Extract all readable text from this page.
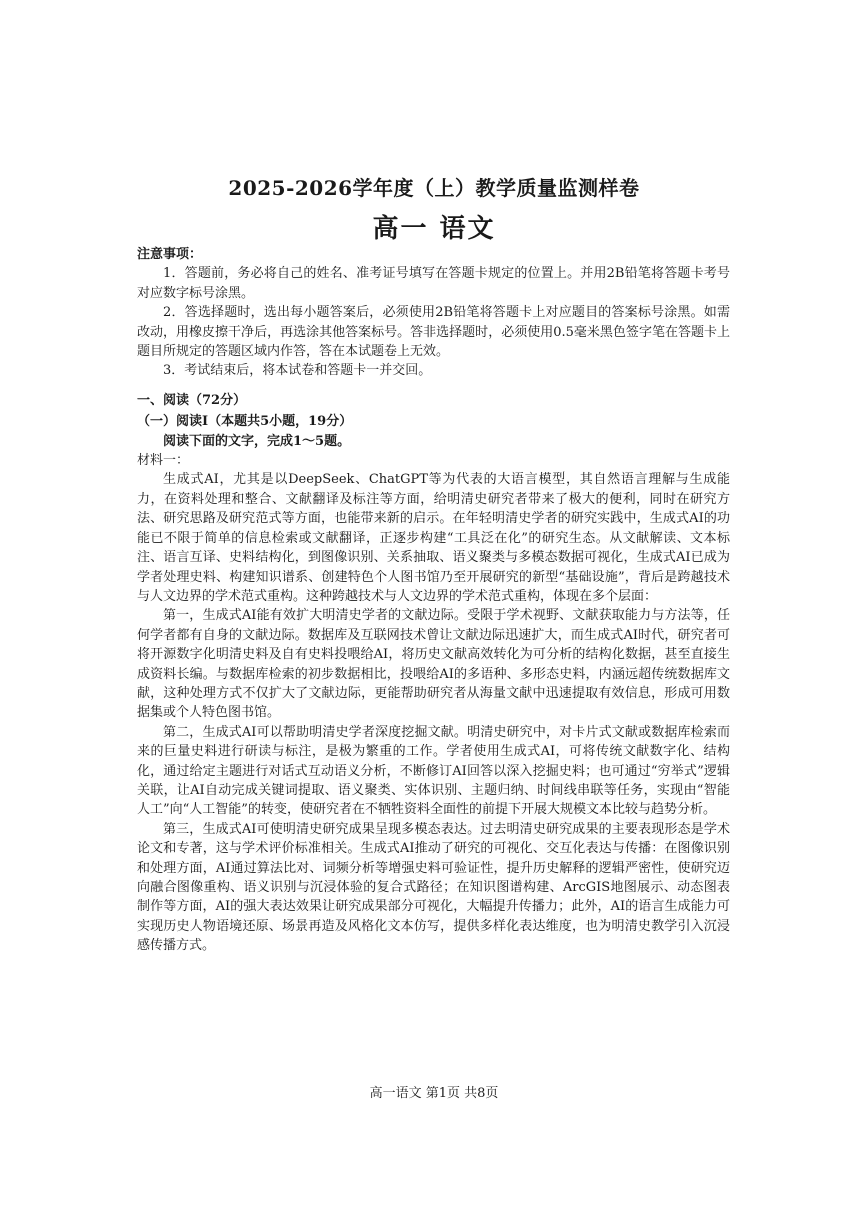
2025-2026学年度（上）教学质量监测样卷
高一 语文

注意事项：

1．答题前，务必将自己的姓名、准考证号填写在答题卡规定的位置上。并用2B铅笔将答题卡考号对应数字标号涂黑。

2．答选择题时，选出每小题答案后，必须使用2B铅笔将答题卡上对应题目的答案标号涂黑。如需改动，用橡皮擦干净后，再选涂其他答案标号。答非选择题时，必须使用0.5毫米黑色签字笔在答题卡上题目所规定的答题区域内作答，答在本试题卷上无效。

3．考试结束后，将本试卷和答题卡一并交回。

一、阅读（72分）

（一）阅读Ⅰ（本题共5小题，19分）

阅读下面的文字，完成1～5题。

材料一：

生成式AI，尤其是以DeepSeek、ChatGPT等为代表的大语言模型，其自然语言理解与生成能力，在资料处理和整合、文献翻译及标注等方面，给明清史研究者带来了极大的便利，同时在研究方法、研究思路及研究范式等方面，也能带来新的启示。在年轻明清史学者的研究实践中，生成式AI的功能已不限于简单的信息检索或文献翻译，正逐步构建“工具泛在化”的研究生态。从文献解读、文本标注、语言互译、史料结构化，到图像识别、关系抽取、语义聚类与多模态数据可视化，生成式AI已成为学者处理史料、构建知识谱系、创建特色个人图书馆乃至开展研究的新型“基础设施”，背后是跨越技术与人文边界的学术范式重构。这种跨越技术与人文边界的学术范式重构，体现在多个层面：

第一，生成式AI能有效扩大明清史学者的文献边际。受限于学术视野、文献获取能力与方法等，任何学者都有自身的文献边际。数据库及互联网技术曾让文献边际迅速扩大，而生成式AI时代，研究者可将开源数字化明清史料及自有史料投喂给AI，将历史文献高效转化为可分析的结构化数据，甚至直接生成资料长编。与数据库检索的初步数据相比，投喂给AI的多语种、多形态史料，内涵远超传统数据库文献，这种处理方式不仅扩大了文献边际，更能帮助研究者从海量文献中迅速提取有效信息，形成可用数据集或个人特色图书馆。

第二，生成式AI可以帮助明清史学者深度挖掘文献。明清史研究中，对卡片式文献或数据库检索而来的巨量史料进行研读与标注，是极为繁重的工作。学者使用生成式AI，可将传统文献数字化、结构化，通过给定主题进行对话式互动语义分析，不断修订AI回答以深入挖掘史料；也可通过“穷举式”逻辑关联，让AI自动完成关键词提取、语义聚类、实体识别、主题归纳、时间线串联等任务，实现由“智能人工”向“人工智能”的转变，使研究者在不牺牲资料全面性的前提下开展大规模文本比较与趋势分析。

第三，生成式AI可使明清史研究成果呈现多模态表达。过去明清史研究成果的主要表现形态是学术论文和专著，这与学术评价标准相关。生成式AI推动了研究的可视化、交互化表达与传播：在图像识别和处理方面，AI通过算法比对、词频分析等增强史料可验证性，提升历史解释的逻辑严密性，使研究迈向融合图像重构、语义识别与沉浸体验的复合式路径；在知识图谱构建、ArcGIS地图展示、动态图表制作等方面，AI的强大表达效果让研究成果部分可视化，大幅提升传播力；此外，AI的语言生成能力可实现历史人物语境还原、场景再造及风格化文本仿写，提供多样化表达维度，也为明清史教学引入沉浸感传播方式。

高一语文 第1页 共8页
